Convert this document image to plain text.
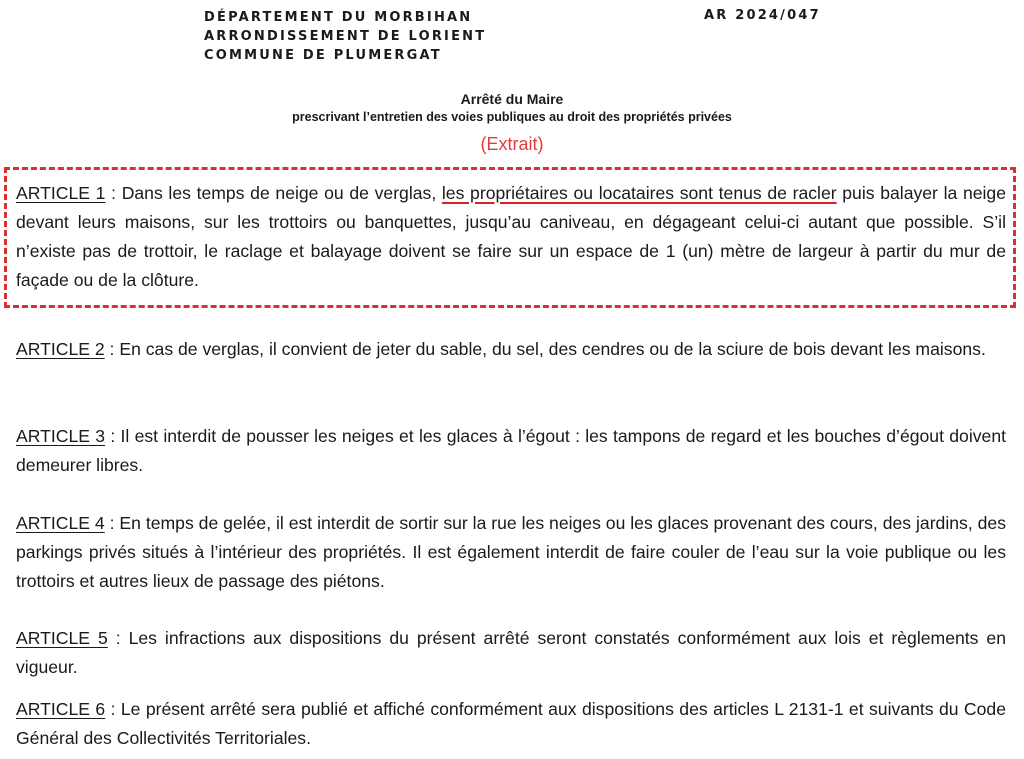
DÉPARTEMENT DU MORBIHAN
ARRONDISSEMENT DE LORIENT
COMMUNE DE PLUMERGAT
AR 2024/047
Arrêté du Maire
prescrivant l’entretien des voies publiques au droit des propriétés privées
(Extrait)
ARTICLE 1 : Dans les temps de neige ou de verglas, les propriétaires ou locataires sont tenus de racler puis balayer la neige devant leurs maisons, sur les trottoirs ou banquettes, jusqu’au caniveau, en dégageant celui-ci autant que possible. S’il n’existe pas de trottoir, le raclage et balayage doivent se faire sur un espace de 1 (un) mètre de largeur à partir du mur de façade ou de la clôture.
ARTICLE 2 : En cas de verglas, il convient de jeter du sable, du sel, des cendres ou de la sciure de bois devant les maisons.
ARTICLE 3 : Il est interdit de pousser les neiges et les glaces à l’égout : les tampons de regard et les bouches d’égout doivent demeurer libres.
ARTICLE 4 : En temps de gelée, il est interdit de sortir sur la rue les neiges ou les glaces provenant des cours, des jardins, des parkings privés situés à l’intérieur des propriétés. Il est également interdit de faire couler de l’eau sur la voie publique ou les trottoirs et autres lieux de passage des piétons.
ARTICLE 5 : Les infractions aux dispositions du présent arrêté seront constatés conformément aux lois et règlements en vigueur.
ARTICLE 6 : Le présent arrêté sera publié et affiché conformément aux dispositions des articles L 2131-1 et suivants du Code Général des Collectivités Territoriales.
